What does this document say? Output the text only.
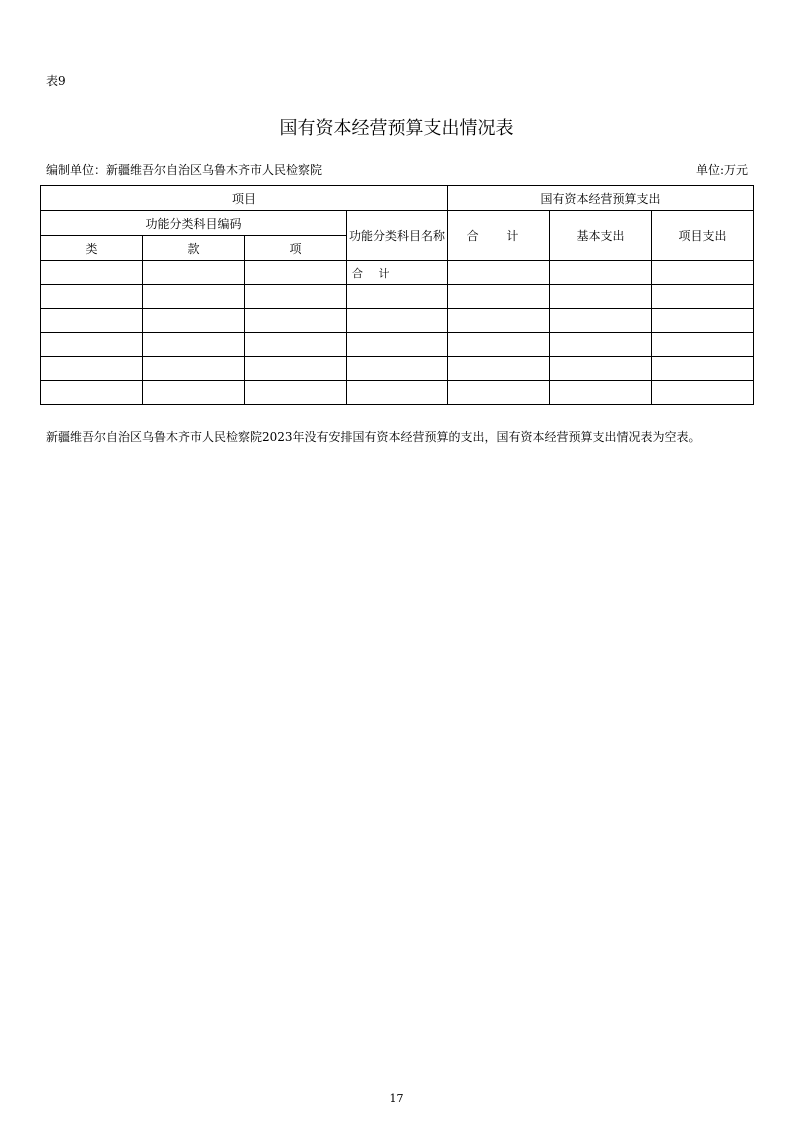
表9
国有资本经营预算支出情况表
编制单位：新疆维吾尔自治区乌鲁木齐市人民检察院	单位:万元
项目				国有资本经营预算支出		
功能分类科目编码			功能分类科目名称	合 计	基本支出	项目支出
类	款	项				
			合 计			

新疆维吾尔自治区乌鲁木齐市人民检察院2023年没有安排国有资本经营预算的支出，国有资本经营预算支出情况表为空表。
17
